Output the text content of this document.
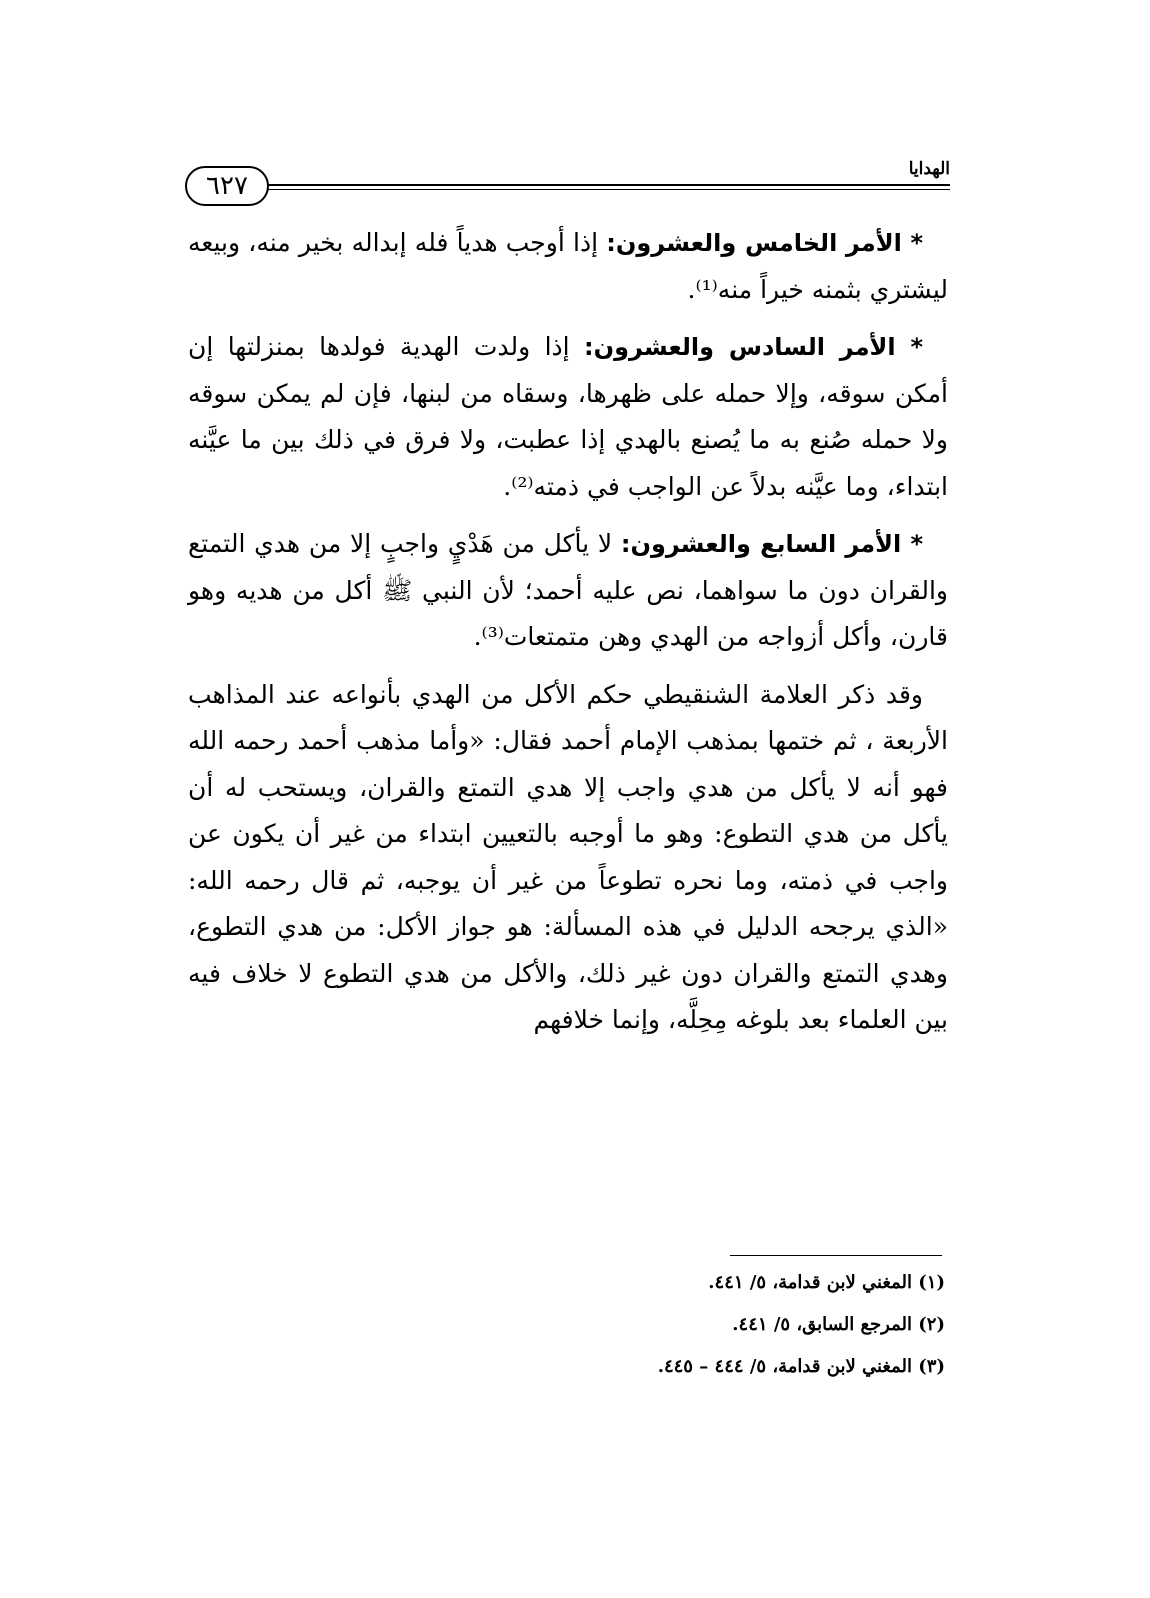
٦٢٧
الهدايا

* الأمر الخامس والعشرون: إذا أوجب هدياً فله إبداله بخير منه، وبيعه ليشتري بثمنه خيراً منه⁽¹⁾.

* الأمر السادس والعشرون: إذا ولدت الهدية فولدها بمنزلتها إن أمكن سوقه، وإلا حمله على ظهرها، وسقاه من لبنها، فإن لم يمكن سوقه ولا حمله صُنع به ما يُصنع بالهدي إذا عطبت، ولا فرق في ذلك بين ما عيَّنه ابتداء، وما عيَّنه بدلاً عن الواجب في ذمته⁽²⁾.

* الأمر السابع والعشرون: لا يأكل من هَدْيٍ واجبٍ إلا من هدي التمتع والقران دون ما سواهما، نص عليه أحمد؛ لأن النبي ﷺ أكل من هديه وهو قارن، وأكل أزواجه من الهدي وهن متمتعات⁽³⁾.

وقد ذكر العلامة الشنقيطي حكم الأكل من الهدي بأنواعه عند المذاهب الأربعة ، ثم ختمها بمذهب الإمام أحمد فقال: «وأما مذهب أحمد رحمه الله فهو أنه لا يأكل من هدي واجب إلا هدي التمتع والقران، ويستحب له أن يأكل من هدي التطوع: وهو ما أوجبه بالتعيين ابتداء من غير أن يكون عن واجب في ذمته، وما نحره تطوعاً من غير أن يوجبه، ثم قال رحمه الله: «الذي يرجحه الدليل في هذه المسألة: هو جواز الأكل: من هدي التطوع، وهدي التمتع والقران دون غير ذلك، والأكل من هدي التطوع لا خلاف فيه بين العلماء بعد بلوغه مِحِلَّه، وإنما خلافهم

(١) المغني لابن قدامة، ٥/ ٤٤١.

(٢) المرجع السابق، ٥/ ٤٤١.

(٣) المغني لابن قدامة، ٥/ ٤٤٤ – ٤٤٥.
